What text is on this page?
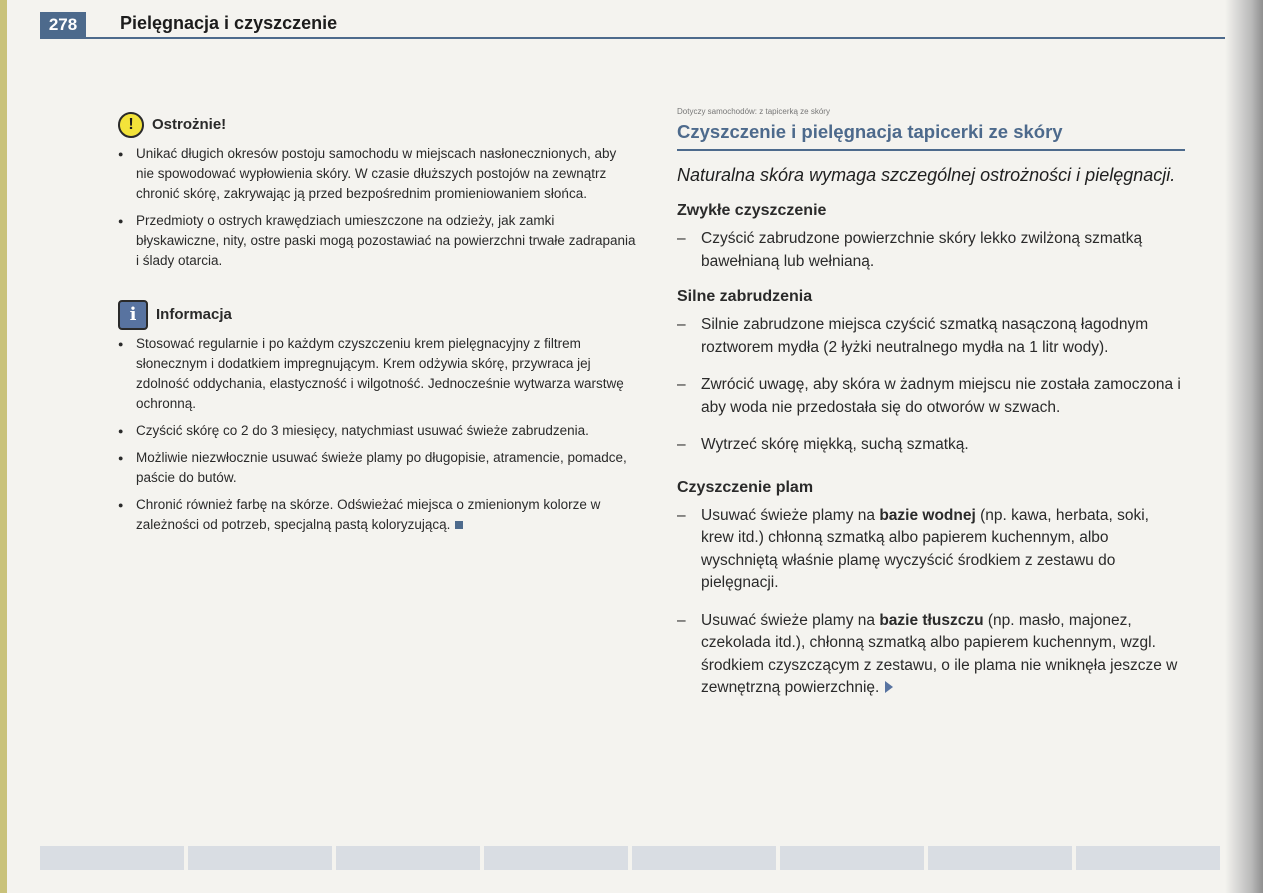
278	Pielęgnacja i czyszczenie
!	Ostrożnie!

● Unikać długich okresów postoju samochodu w miejscach nasłonecznionych, aby nie spowodować wypłowienia skóry. W czasie dłuższych postojów na zewnątrz chronić skórę, zakrywając ją przed bezpośrednim promieniowaniem słońca.

● Przedmioty o ostrych krawędziach umieszczone na odzieży, jak zamki błyskawiczne, nity, ostre paski mogą pozostawiać na powierzchni trwałe zadrapania i ślady otarcia.

i	Informacja

● Stosować regularnie i po każdym czyszczeniu krem pielęgnacyjny z filtrem słonecznym i dodatkiem impregnującym. Krem odżywia skórę, przywraca jej zdolność oddychania, elastyczność i wilgotność. Jednocześnie wytwarza warstwę ochronną.

● Czyścić skórę co 2 do 3 miesięcy, natychmiast usuwać świeże zabrudzenia.

● Możliwie niezwłocznie usuwać świeże plamy po długopisie, atramencie, pomadce, paście do butów.

● Chronić również farbę na skórze. Odświeżać miejsca o zmienionym kolorze w zależności od potrzeb, specjalną pastą koloryzującą.

Dotyczy samochodów: z tapicerką ze skóry
Czyszczenie i pielęgnacja tapicerki ze skóry
Naturalna skóra wymaga szczególnej ostrożności i pielęgnacji.
Zwykłe czyszczenie
– Czyścić zabrudzone powierzchnie skóry lekko zwilżoną szmatką bawełnianą lub wełnianą.
Silne zabrudzenia
– Silnie zabrudzone miejsca czyścić szmatką nasączoną łagodnym roztworem mydła (2 łyżki neutralnego mydła na 1 litr wody).
– Zwrócić uwagę, aby skóra w żadnym miejscu nie została zamoczona i aby woda nie przedostała się do otworów w szwach.
– Wytrzeć skórę miękką, suchą szmatką.
Czyszczenie plam
– Usuwać świeże plamy na bazie wodnej (np. kawa, herbata, soki, krew itd.) chłonną szmatką albo papierem kuchennym, albo wyschniętą właśnie plamę wyczyścić środkiem z zestawu do pielęgnacji.
– Usuwać świeże plamy na bazie tłuszczu (np. masło, majonez, czekolada itd.), chłonną szmatką albo papierem kuchennym, wzgl. środkiem czyszczącym z zestawu, o ile plama nie wniknęła jeszcze w zewnętrzną powierzchnię.
